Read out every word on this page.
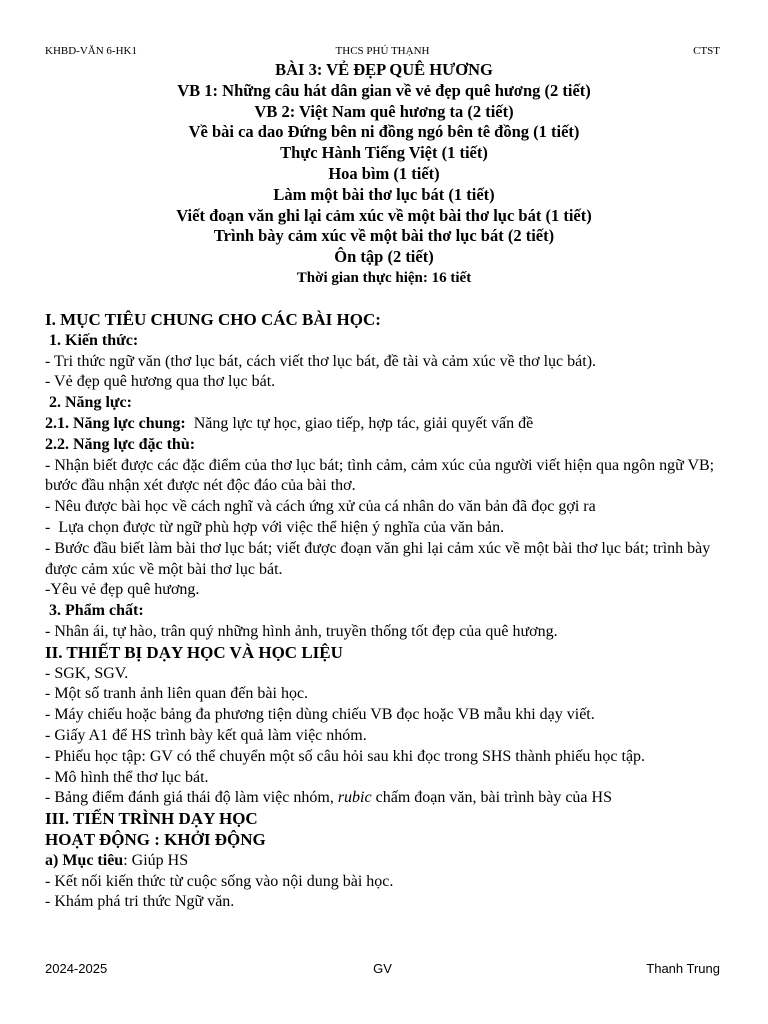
KHBD-VĂN 6-HK1	THCS PHÚ THẠNH	CTST
BÀI 3: VẺ ĐẸP QUÊ HƯƠNG
VB 1: Những câu hát dân gian về vẻ đẹp quê hương (2 tiết)
VB 2: Việt Nam quê hương ta (2 tiết)
Về bài ca dao Đứng bên ni đồng ngó bên tê đồng (1 tiết)
Thực Hành Tiếng Việt (1 tiết)
Hoa bìm (1 tiết)
Làm một bài thơ lục bát (1 tiết)
Viết đoạn văn ghi lại cảm xúc về một bài thơ lục bát (1 tiết)
Trình bày cảm xúc về một bài thơ lục bát (2 tiết)
Ôn tập (2 tiết)
Thời gian thực hiện: 16 tiết

I. MỤC TIÊU CHUNG CHO CÁC BÀI HỌC:

1. Kiến thức:

- Tri thức ngữ văn (thơ lục bát, cách viết thơ lục bát, đề tài và cảm xúc về thơ lục bát).

- Vẻ đẹp quê hương qua thơ lục bát.

2. Năng lực:

2.1. Năng lực chung:  Năng lực tự học, giao tiếp, hợp tác, giải quyết vấn đề

2.2. Năng lực đặc thù:

- Nhận biết được các đặc điểm của thơ lục bát; tình cảm, cảm xúc của người viết hiện qua ngôn ngữ VB; bước đầu nhận xét được nét độc đáo của bài thơ.

- Nêu được bài học về cách nghĩ và cách ứng xử của cá nhân do văn bản đã đọc gợi ra

-  Lựa chọn được từ ngữ phù hợp với việc thể hiện ý nghĩa của văn bản.

- Bước đầu biết làm bài thơ lục bát; viết được đoạn văn ghi lại cảm xúc về một bài thơ lục bát; trình bày được cảm xúc về một bài thơ lục bát.

-Yêu vẻ đẹp quê hương.

3. Phẩm chất:

- Nhân ái, tự hào, trân quý những hình ảnh, truyền thống tốt đẹp của quê hương.

II. THIẾT BỊ DẠY HỌC VÀ HỌC LIỆU

- SGK, SGV.

- Một số tranh ảnh liên quan đến bài học.

- Máy chiếu hoặc bảng đa phương tiện dùng chiếu VB đọc hoặc VB mẫu khi dạy viết.

- Giấy A1 để HS trình bày kết quả làm việc nhóm.

- Phiếu học tập: GV có thể chuyển một số câu hỏi sau khi đọc trong SHS thành phiếu học tập.

- Mô hình thể thơ lục bát.

- Bảng điểm đánh giá thái độ làm việc nhóm, rubic chấm đoạn văn, bài trình bày của HS

III. TIẾN TRÌNH DẠY HỌC

HOẠT ĐỘNG : KHỞI ĐỘNG

a) Mục tiêu: Giúp HS

- Kết nối kiến thức từ cuộc sống vào nội dung bài học.

- Khám phá tri thức Ngữ văn.

2024-2025	GV	Thanh Trung
